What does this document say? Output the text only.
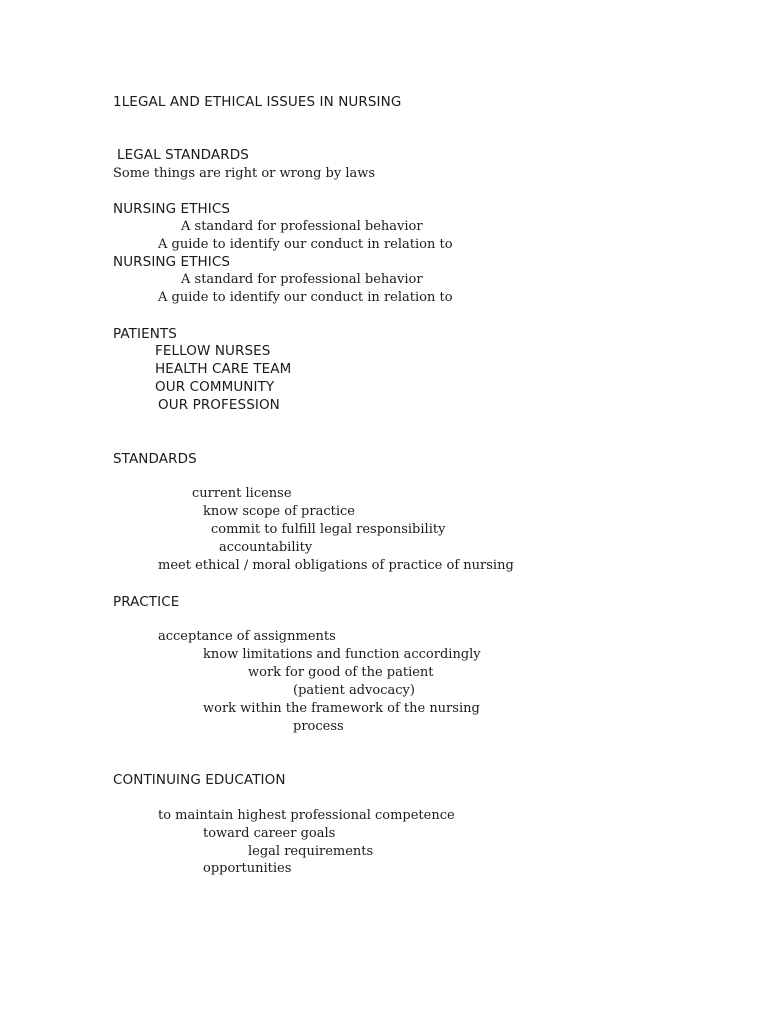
1LEGAL AND ETHICAL ISSUES IN NURSING
LEGAL STANDARDS
Some things are right or wrong by laws
NURSING ETHICS
A standard for professional behavior
A guide to identify our conduct in relation to
NURSING ETHICS
A standard for professional behavior
A guide to identify our conduct in relation to
PATIENTS
FELLOW NURSES
HEALTH CARE TEAM
OUR COMMUNITY
OUR PROFESSION
STANDARDS
current license
know scope of practice
commit to fulfill legal responsibility
accountability
meet ethical / moral obligations of practice of nursing
PRACTICE
acceptance of assignments
know limitations and function accordingly
work for good of the patient
(patient advocacy)
work within the framework of the nursing
process
CONTINUING EDUCATION
to maintain highest professional competence
toward career goals
legal requirements
opportunities
